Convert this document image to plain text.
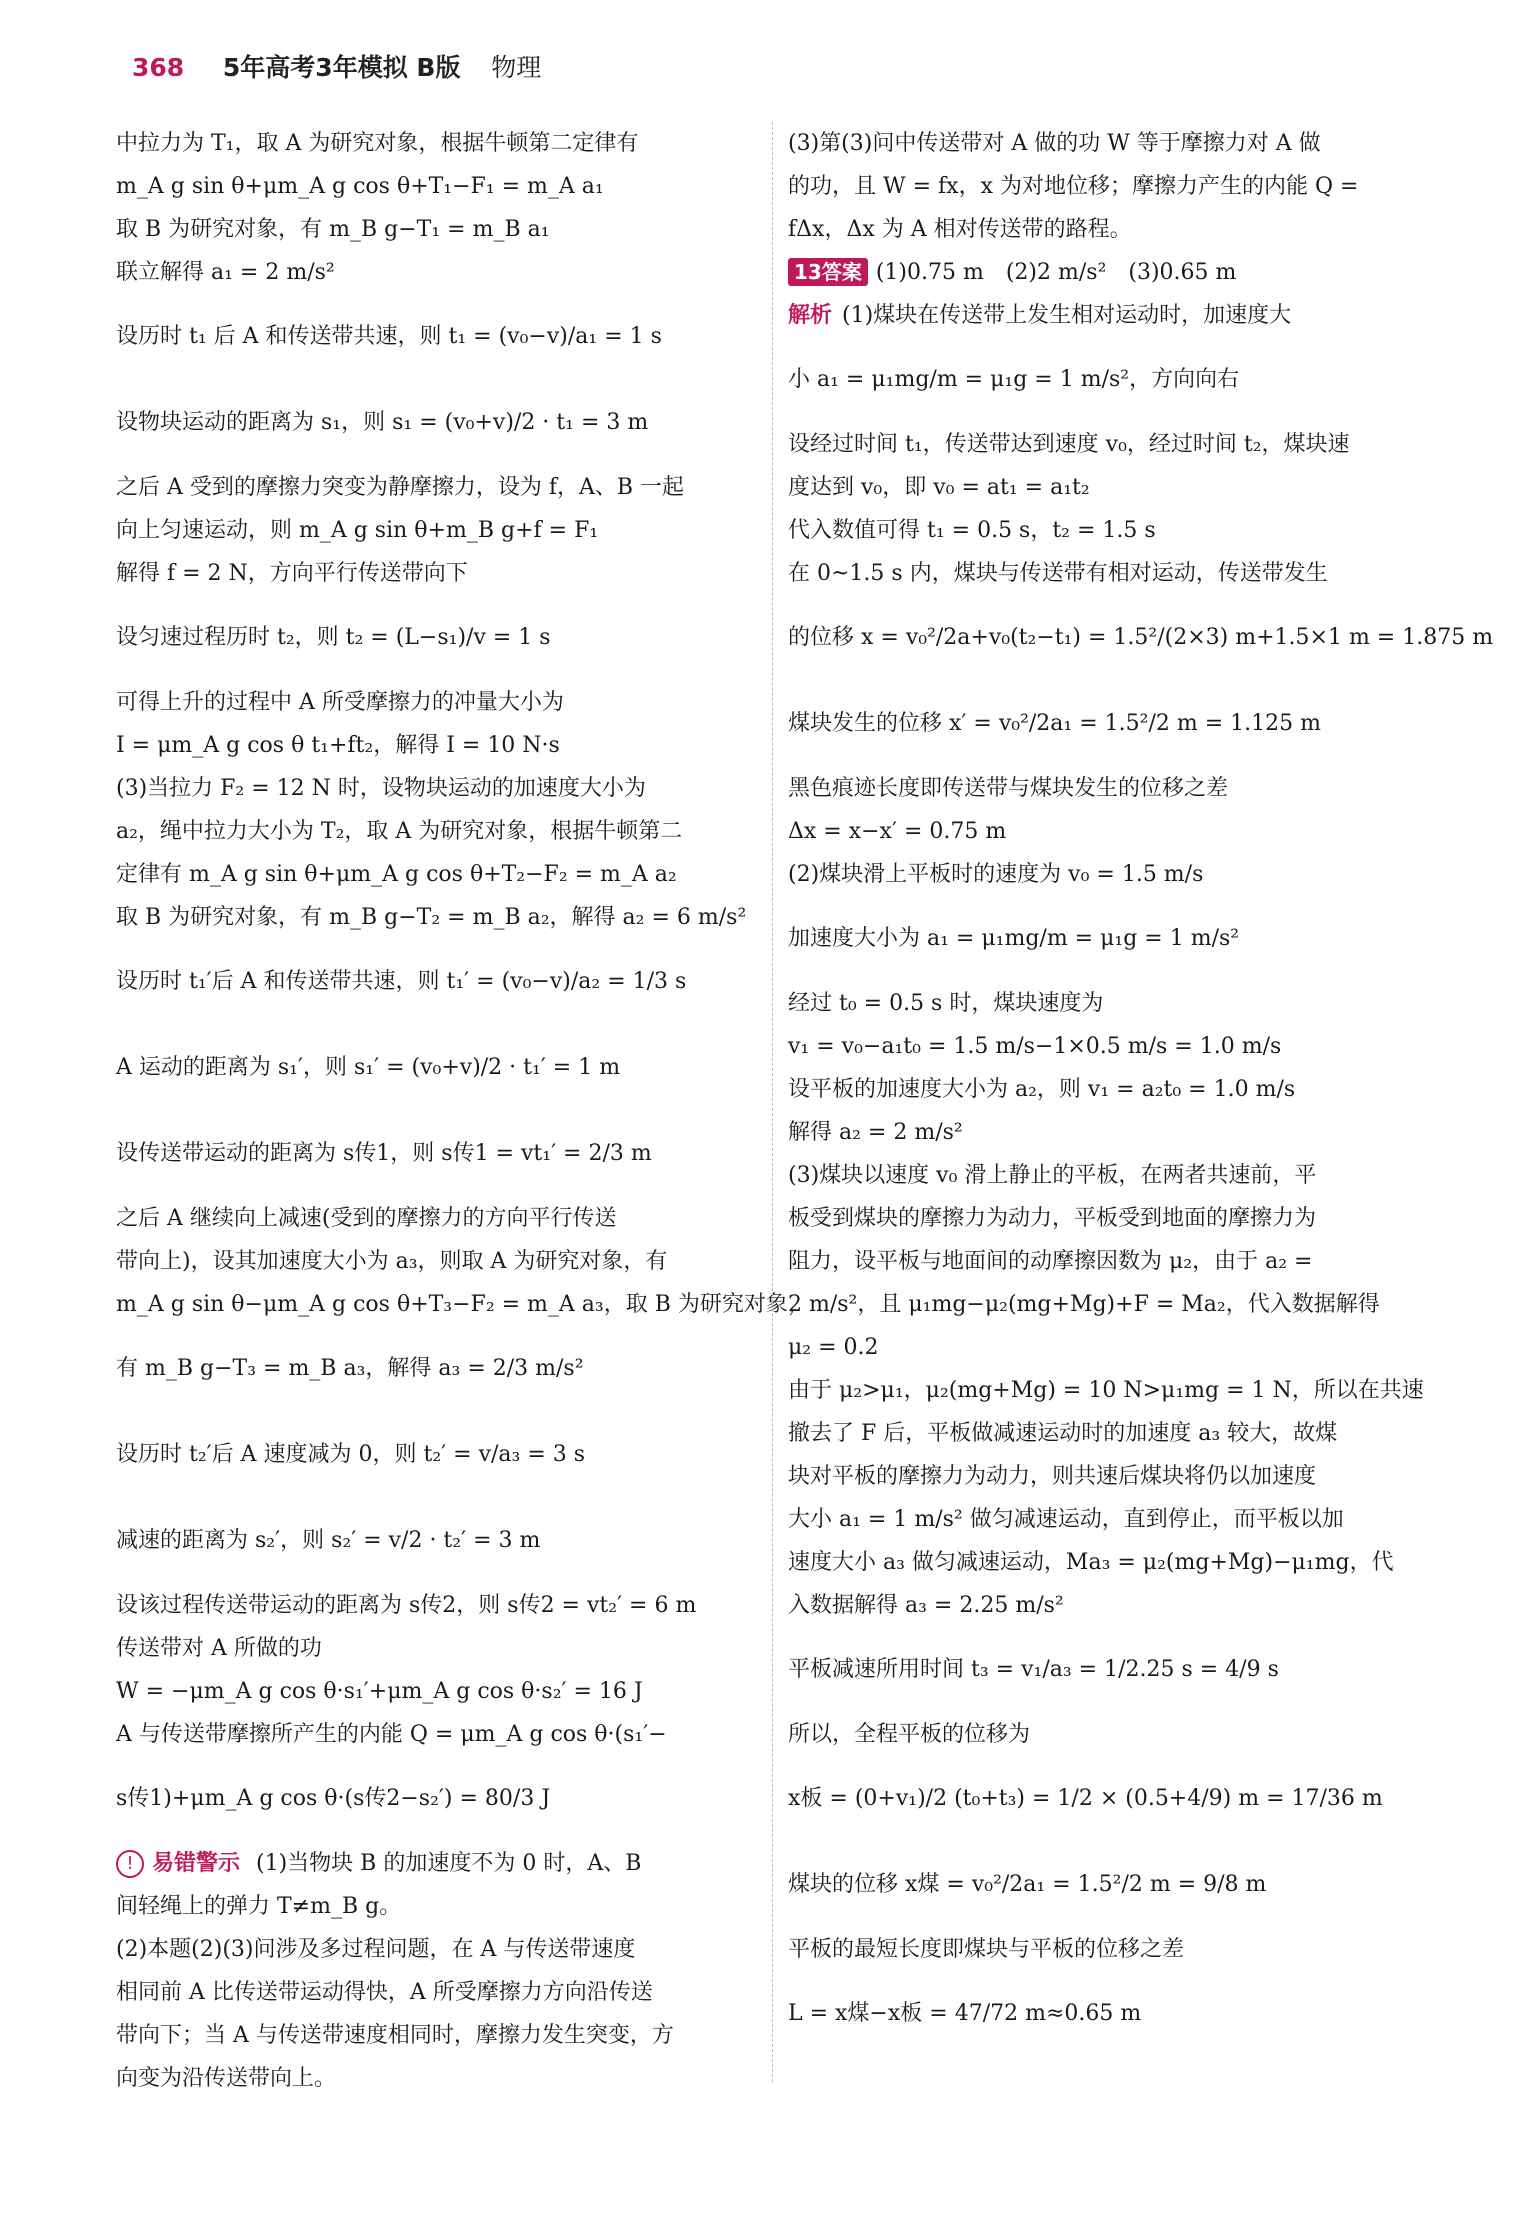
368 5年高考3年模拟 B版 物理
中拉力为 T₁，取 A 为研究对象，根据牛顿第二定律有
m_A g sin θ+μm_A g cos θ+T₁−F₁ = m_A a₁
取 B 为研究对象，有 m_B g−T₁ = m_B a₁
联立解得 a₁ = 2 m/s²
设历时 t₁ 后 A 和传送带共速，则 t₁ = (v₀−v)/a₁ = 1 s
设物块运动的距离为 s₁，则 s₁ = (v₀+v)/2 · t₁ = 3 m
之后 A 受到的摩擦力突变为静摩擦力，设为 f，A、B 一起
向上匀速运动，则 m_A g sin θ+m_B g+f = F₁
解得 f = 2 N，方向平行传送带向下
设匀速过程历时 t₂，则 t₂ = (L−s₁)/v = 1 s
可得上升的过程中 A 所受摩擦力的冲量大小为
I = μm_A g cos θ t₁+ft₂，解得 I = 10 N·s
(3)当拉力 F₂ = 12 N 时，设物块运动的加速度大小为
a₂，绳中拉力大小为 T₂，取 A 为研究对象，根据牛顿第二
定律有 m_A g sin θ+μm_A g cos θ+T₂−F₂ = m_A a₂
取 B 为研究对象，有 m_B g−T₂ = m_B a₂，解得 a₂ = 6 m/s²
设历时 t₁′后 A 和传送带共速，则 t₁′ = (v₀−v)/a₂ = 1/3 s
A 运动的距离为 s₁′，则 s₁′ = (v₀+v)/2 · t₁′ = 1 m
设传送带运动的距离为 s传1，则 s传1 = vt₁′ = 2/3 m
之后 A 继续向上减速(受到的摩擦力的方向平行传送
带向上)，设其加速度大小为 a₃，则取 A 为研究对象，有
m_A g sin θ−μm_A g cos θ+T₃−F₂ = m_A a₃，取 B 为研究对象，
有 m_B g−T₃ = m_B a₃，解得 a₃ = 2/3 m/s²
设历时 t₂′后 A 速度减为 0，则 t₂′ = v/a₃ = 3 s
减速的距离为 s₂′，则 s₂′ = v/2 · t₂′ = 3 m
设该过程传送带运动的距离为 s传2，则 s传2 = vt₂′ = 6 m
传送带对 A 所做的功
W = −μm_A g cos θ·s₁′+μm_A g cos θ·s₂′ = 16 J
A 与传送带摩擦所产生的内能 Q = μm_A g cos θ·(s₁′−
s传1)+μm_A g cos θ·(s传2−s₂′) = 80/3 J
! 易错警示 (1)当物块 B 的加速度不为 0 时，A、B
间轻绳上的弹力 T≠m_B g。
(2)本题(2)(3)问涉及多过程问题，在 A 与传送带速度
相同前 A 比传送带运动得快，A 所受摩擦力方向沿传送
带向下；当 A 与传送带速度相同时，摩擦力发生突变，方
向变为沿传送带向上。
(3)第(3)问中传送带对 A 做的功 W 等于摩擦力对 A 做
的功，且 W = fx，x 为对地位移；摩擦力产生的内能 Q =
fΔx，Δx 为 A 相对传送带的路程。
13答案 (1)0.75 m　(2)2 m/s²　(3)0.65 m
解析 (1)煤块在传送带上发生相对运动时，加速度大
小 a₁ = μ₁mg/m = μ₁g = 1 m/s²，方向向右
设经过时间 t₁，传送带达到速度 v₀，经过时间 t₂，煤块速
度达到 v₀，即 v₀ = at₁ = a₁t₂
代入数值可得 t₁ = 0.5 s，t₂ = 1.5 s
在 0~1.5 s 内，煤块与传送带有相对运动，传送带发生
的位移 x = v₀²/2a+v₀(t₂−t₁) = 1.5²/(2×3) m+1.5×1 m = 1.875 m
煤块发生的位移 x′ = v₀²/2a₁ = 1.5²/2 m = 1.125 m
黑色痕迹长度即传送带与煤块发生的位移之差
Δx = x−x′ = 0.75 m
(2)煤块滑上平板时的速度为 v₀ = 1.5 m/s
加速度大小为 a₁ = μ₁mg/m = μ₁g = 1 m/s²
经过 t₀ = 0.5 s 时，煤块速度为
v₁ = v₀−a₁t₀ = 1.5 m/s−1×0.5 m/s = 1.0 m/s
设平板的加速度大小为 a₂，则 v₁ = a₂t₀ = 1.0 m/s
解得 a₂ = 2 m/s²
(3)煤块以速度 v₀ 滑上静止的平板，在两者共速前，平
板受到煤块的摩擦力为动力，平板受到地面的摩擦力为
阻力，设平板与地面间的动摩擦因数为 μ₂，由于 a₂ =
2 m/s²，且 μ₁mg−μ₂(mg+Mg)+F = Ma₂，代入数据解得
μ₂ = 0.2
由于 μ₂>μ₁，μ₂(mg+Mg) = 10 N>μ₁mg = 1 N，所以在共速
撤去了 F 后，平板做减速运动时的加速度 a₃ 较大，故煤
块对平板的摩擦力为动力，则共速后煤块将仍以加速度
大小 a₁ = 1 m/s² 做匀减速运动，直到停止，而平板以加
速度大小 a₃ 做匀减速运动，Ma₃ = μ₂(mg+Mg)−μ₁mg，代
入数据解得 a₃ = 2.25 m/s²
平板减速所用时间 t₃ = v₁/a₃ = 1/2.25 s = 4/9 s
所以，全程平板的位移为
x板 = (0+v₁)/2 (t₀+t₃) = 1/2 × (0.5+4/9) m = 17/36 m
煤块的位移 x煤 = v₀²/2a₁ = 1.5²/2 m = 9/8 m
平板的最短长度即煤块与平板的位移之差
L = x煤−x板 = 47/72 m≈0.65 m
